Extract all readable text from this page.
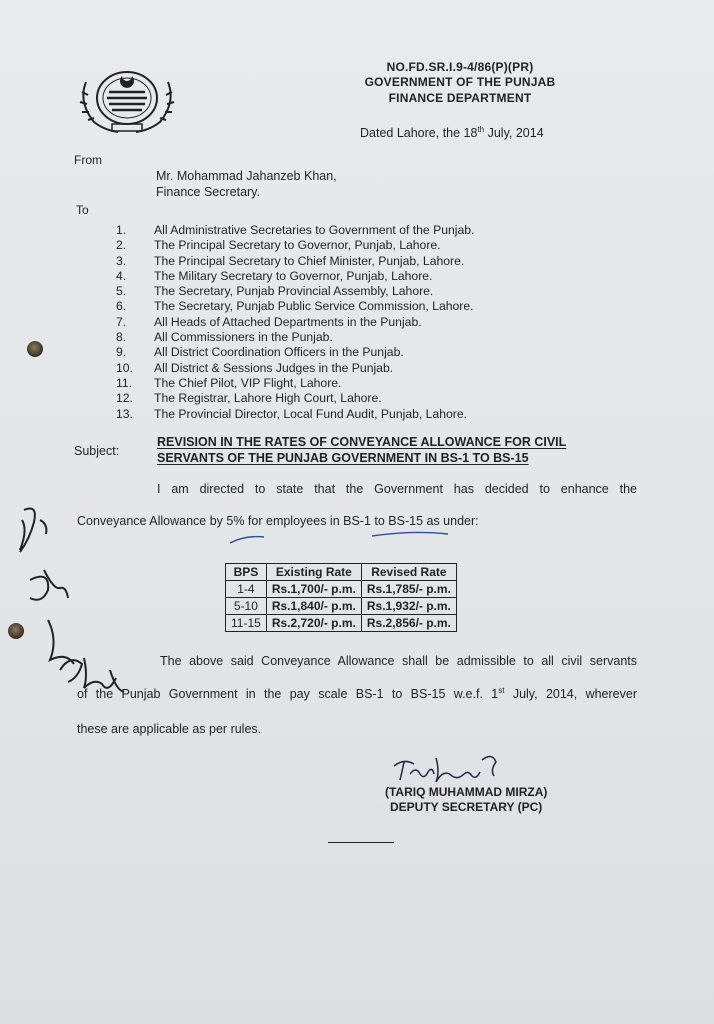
NO.FD.SR.I.9-4/86(P)(PR)
GOVERNMENT OF THE PUNJAB
FINANCE DEPARTMENT
Dated Lahore, the 18th July, 2014
From
Mr. Mohammad Jahanzeb Khan,
Finance Secretary.
To
1. All Administrative Secretaries to Government of the Punjab.
2. The Principal Secretary to Governor, Punjab, Lahore.
3. The Principal Secretary to Chief Minister, Punjab, Lahore.
4. The Military Secretary to Governor, Punjab, Lahore.
5. The Secretary, Punjab Provincial Assembly, Lahore.
6. The Secretary, Punjab Public Service Commission, Lahore.
7. All Heads of Attached Departments in the Punjab.
8. All Commissioners in the Punjab.
9. All District Coordination Officers in the Punjab.
10. All District & Sessions Judges in the Punjab.
11. The Chief Pilot, VIP Flight, Lahore.
12. The Registrar, Lahore High Court, Lahore.
13. The Provincial Director, Local Fund Audit, Punjab, Lahore.
Subject:
REVISION IN THE RATES OF CONVEYANCE ALLOWANCE FOR CIVIL
SERVANTS OF THE PUNJAB GOVERNMENT IN BS-1 TO BS-15
I am directed to state that the Government has decided to enhance the
Conveyance Allowance by 5% for employees in BS-1 to BS-15 as under:
BPS	Existing Rate	Revised Rate
1-4	Rs.1,700/- p.m.	Rs.1,785/- p.m.
5-10	Rs.1,840/- p.m.	Rs.1,932/- p.m.
11-15	Rs.2,720/- p.m.	Rs.2,856/- p.m.
The above said Conveyance Allowance shall be admissible to all civil servants
of the Punjab Government in the pay scale BS-1 to BS-15 w.e.f. 1st July, 2014, wherever
these are applicable as per rules.
(TARIQ MUHAMMAD MIRZA)
DEPUTY SECRETARY (PC)
